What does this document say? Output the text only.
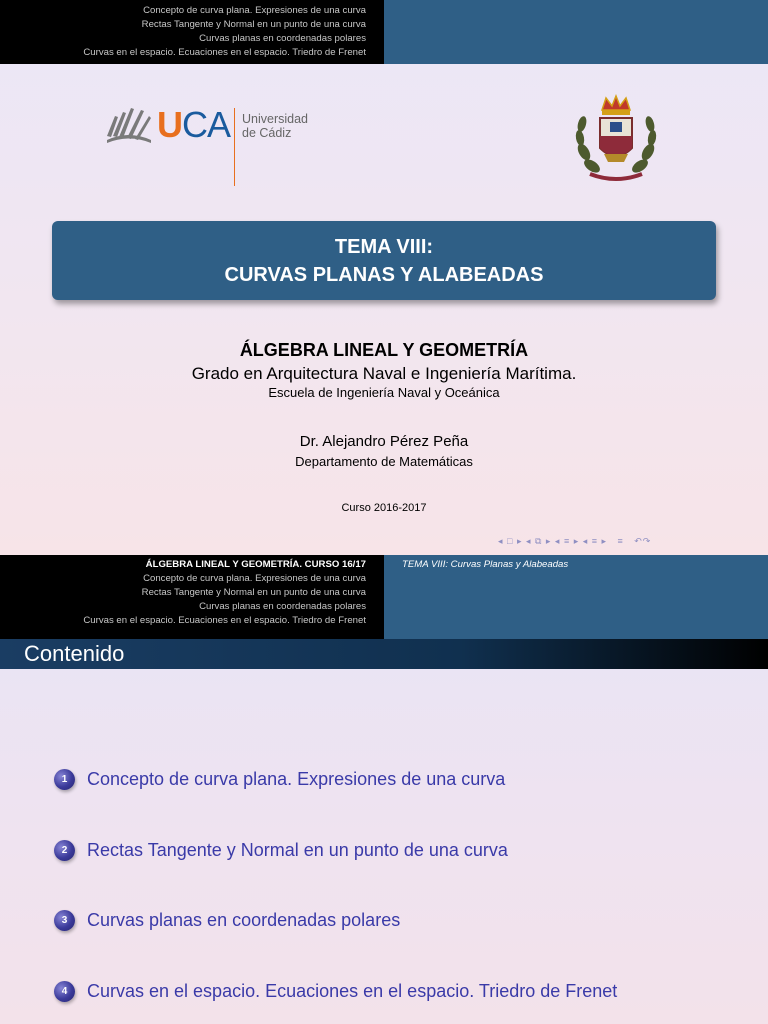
Concepto de curva plana. Expresiones de una curva
Rectas Tangente y Normal en un punto de una curva
Curvas planas en coordenadas polares
Curvas en el espacio. Ecuaciones en el espacio. Triedro de Frenet
UCA Universidad
de Cádiz
TEMA VIII:
CURVAS PLANAS Y ALABEADAS
ÁLGEBRA LINEAL Y GEOMETRÍA
Grado en Arquitectura Naval e Ingeniería Marítima.
Escuela de Ingeniería Naval y Oceánica
Dr. Alejandro Pérez Peña
Departamento de Matemáticas
Curso 2016-2017
◂ □ ▸ ◂ ⧉ ▸ ◂ ≡ ▸ ◂ ≡ ▸   ≡   ↶↷
ÁLGEBRA LINEAL Y GEOMETRÍA. CURSO 16/17
Concepto de curva plana. Expresiones de una curva
Rectas Tangente y Normal en un punto de una curva
Curvas planas en coordenadas polares
Curvas en el espacio. Ecuaciones en el espacio. Triedro de Frenet
TEMA VIII: Curvas Planas y Alabeadas
Contenido
1	Concepto de curva plana. Expresiones de una curva
2	Rectas Tangente y Normal en un punto de una curva
3	Curvas planas en coordenadas polares
4	Curvas en el espacio. Ecuaciones en el espacio. Triedro de Frenet
